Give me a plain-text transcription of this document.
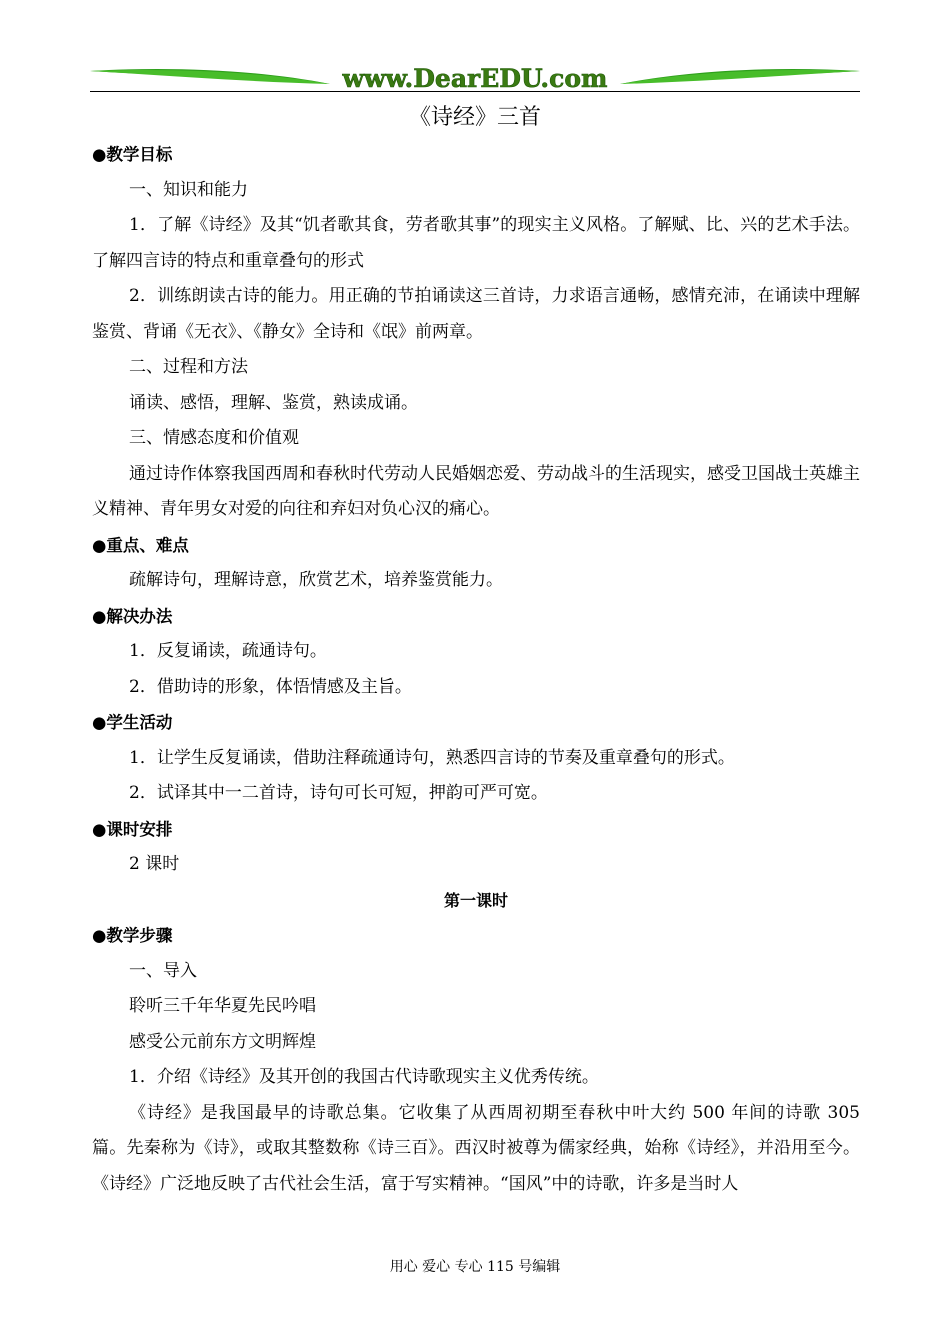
www.DearEDU.com
《诗经》三首
●教学目标
一、知识和能力
1．了解《诗经》及其“饥者歌其食，劳者歌其事”的现实主义风格。了解赋、比、兴的艺术手法。了解四言诗的特点和重章叠句的形式
2．训练朗读古诗的能力。用正确的节拍诵读这三首诗，力求语言通畅，感情充沛，在诵读中理解鉴赏、背诵《无衣》、《静女》全诗和《氓》前两章。
二、过程和方法
诵读、感悟，理解、鉴赏，熟读成诵。
三、情感态度和价值观
通过诗作体察我国西周和春秋时代劳动人民婚姻恋爱、劳动战斗的生活现实，感受卫国战士英雄主义精神、青年男女对爱的向往和弃妇对负心汉的痛心。
●重点、难点
疏解诗句，理解诗意，欣赏艺术，培养鉴赏能力。
●解决办法
1．反复诵读，疏通诗句。
2．借助诗的形象，体悟情感及主旨。
●学生活动
1．让学生反复诵读，借助注释疏通诗句，熟悉四言诗的节奏及重章叠句的形式。
2．试译其中一二首诗，诗句可长可短，押韵可严可宽。
●课时安排
2 课时
第一课时
●教学步骤
一、导入
聆听三千年华夏先民吟唱
感受公元前东方文明辉煌
1．介绍《诗经》及其开创的我国古代诗歌现实主义优秀传统。
《诗经》是我国最早的诗歌总集。它收集了从西周初期至春秋中叶大约 500 年间的诗歌 305 篇。先秦称为《诗》，或取其整数称《诗三百》。西汉时被尊为儒家经典，始称《诗经》，并沿用至今。《诗经》广泛地反映了古代社会生活，富于写实精神。“国风”中的诗歌，许多是当时人
用心 爱心 专心 115 号编辑
